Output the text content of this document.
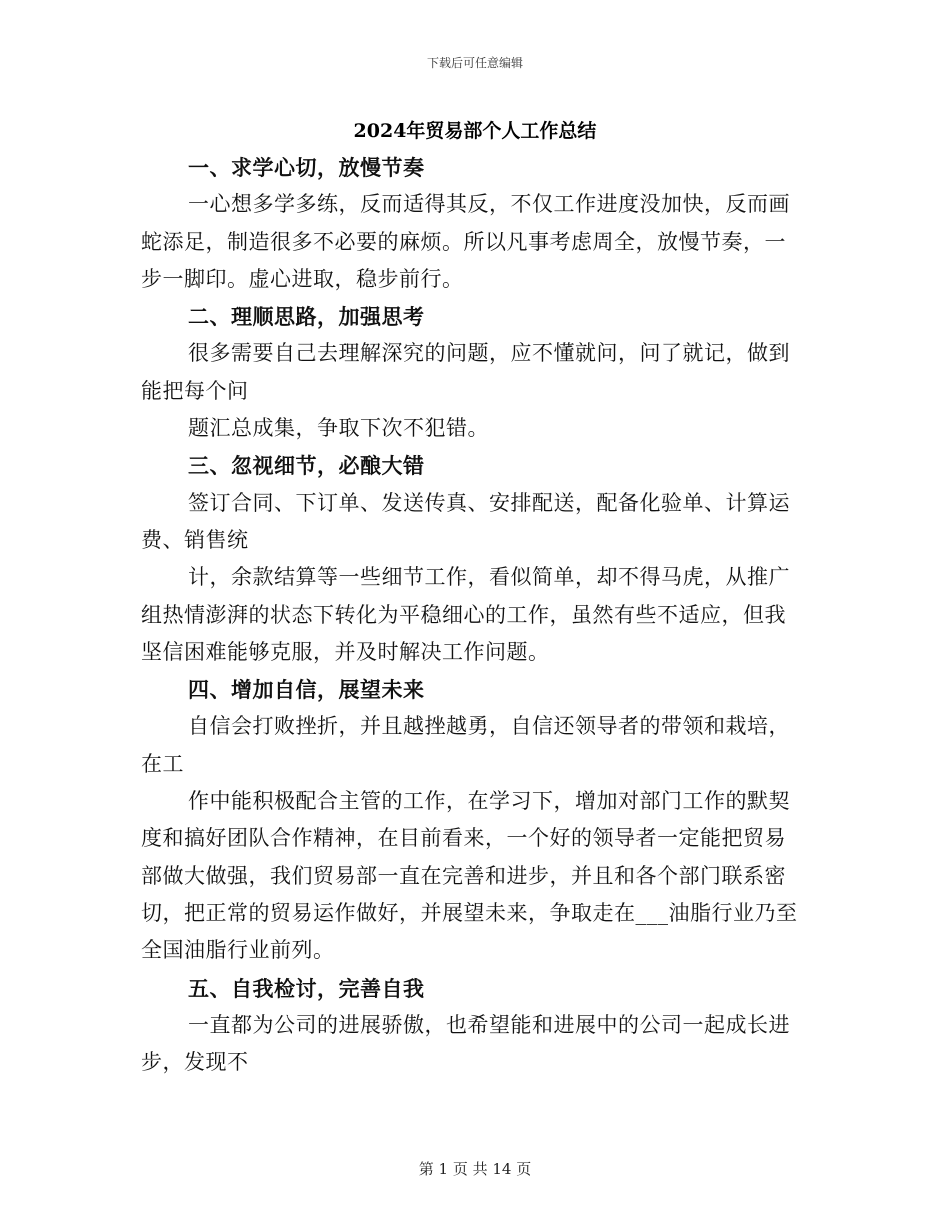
下载后可任意编辑
2024年贸易部个人工作总结
一、求学心切，放慢节奏
一心想多学多练，反而适得其反，不仅工作进度没加快，反而画
蛇添足，制造很多不必要的麻烦。所以凡事考虑周全，放慢节奏，一
步一脚印。虚心进取，稳步前行。
二、理顺思路，加强思考
很多需要自己去理解深究的问题，应不懂就问，问了就记，做到
能把每个问
题汇总成集，争取下次不犯错。
三、忽视细节，必酿大错
签订合同、下订单、发送传真、安排配送，配备化验单、计算运
费、销售统
计，余款结算等一些细节工作，看似简单，却不得马虎，从推广
组热情澎湃的状态下转化为平稳细心的工作，虽然有些不适应，但我
坚信困难能够克服，并及时解决工作问题。
四、增加自信，展望未来
自信会打败挫折，并且越挫越勇，自信还领导者的带领和栽培，
在工
作中能积极配合主管的工作，在学习下，增加对部门工作的默契
度和搞好团队合作精神，在目前看来，一个好的领导者一定能把贸易
部做大做强，我们贸易部一直在完善和进步，并且和各个部门联系密
切，把正常的贸易运作做好，并展望未来，争取走在___油脂行业乃至
全国油脂行业前列。
五、自我检讨，完善自我
一直都为公司的进展骄傲，也希望能和进展中的公司一起成长进
步，发现不
第 1 页 共 14 页
